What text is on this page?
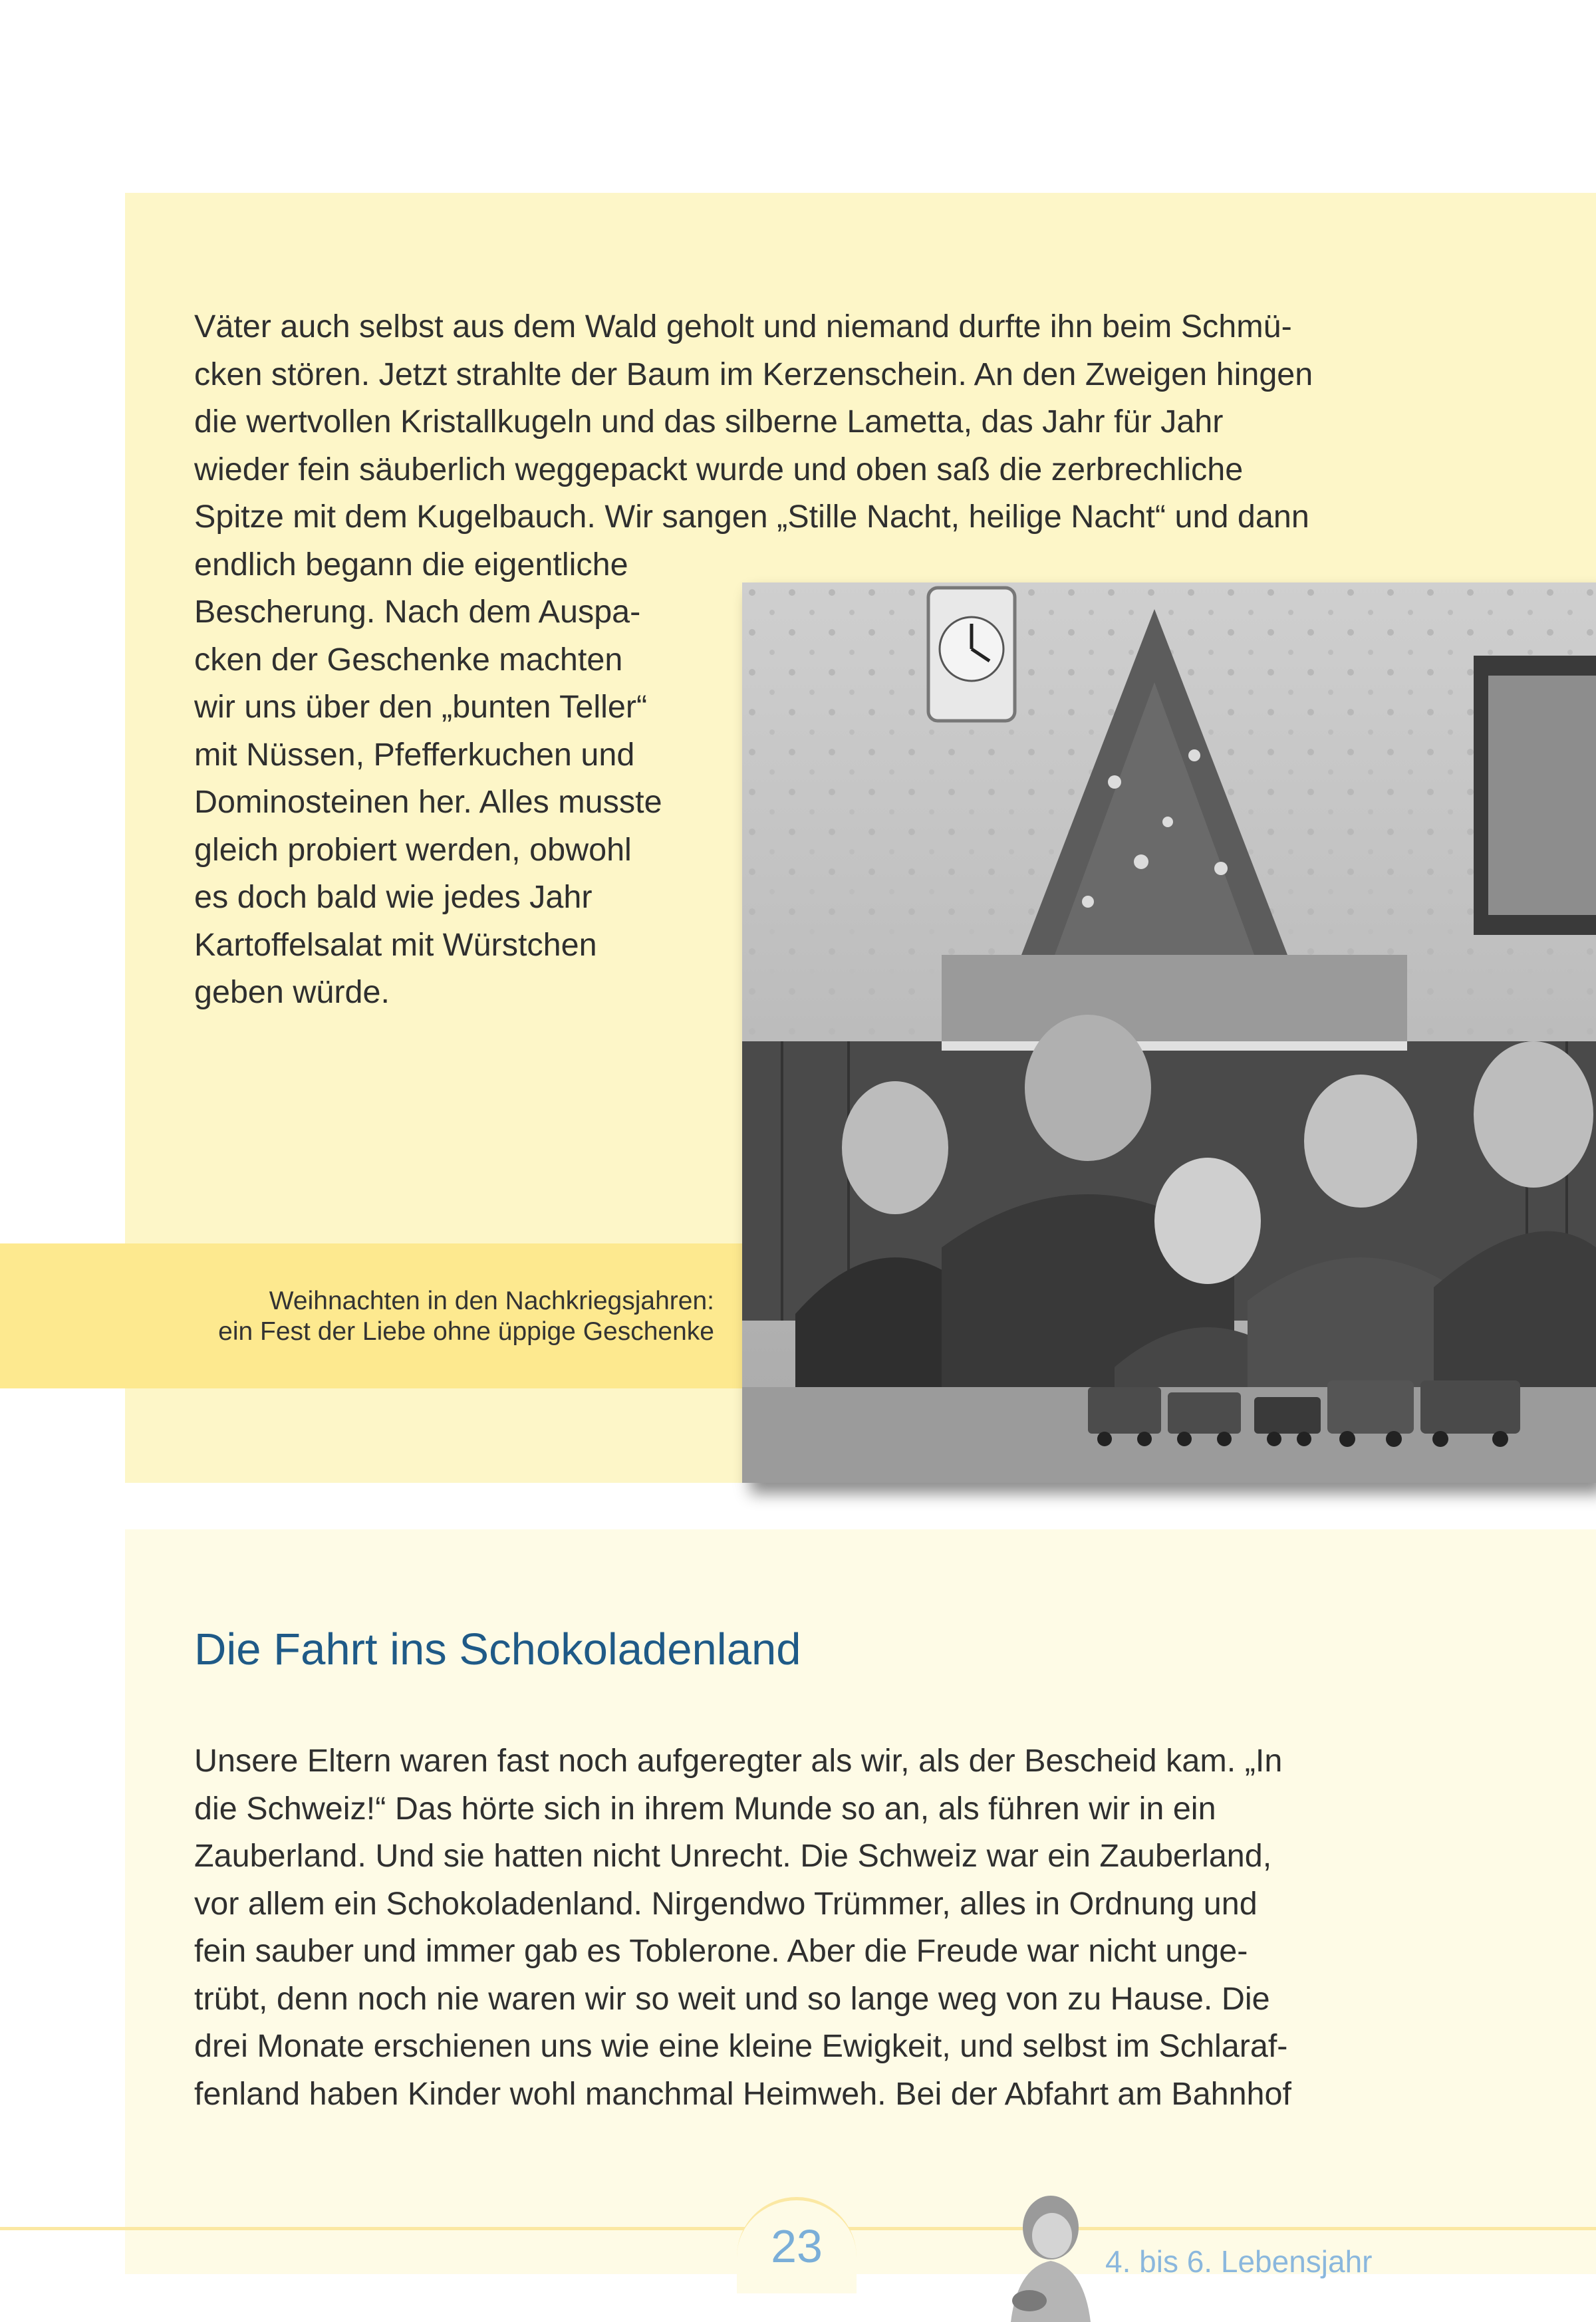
Väter auch selbst aus dem Wald geholt und niemand durfte ihn beim Schmü-
cken stören. Jetzt strahlte der Baum im Kerzenschein. An den Zweigen hingen
die wertvollen Kristallkugeln und das silberne Lametta, das Jahr für Jahr
wieder fein säuberlich weggepackt wurde und oben saß die zerbrechliche
Spitze mit dem Kugelbauch. Wir sangen „Stille Nacht, heilige Nacht“ und dann
endlich begann die eigentliche
Bescherung. Nach dem Auspa-
cken der Geschenke machten
wir uns über den „bunten Teller“
mit Nüssen, Pfefferkuchen und
Dominosteinen her. Alles musste
gleich probiert werden, obwohl
es doch bald wie jedes Jahr
Kartoffelsalat mit Würstchen
geben würde.
Weihnachten in den Nachkriegsjahren:
ein Fest der Liebe ohne üppige Geschenke
Die Fahrt ins Schokoladenland
Unsere Eltern waren fast noch aufgeregter als wir, als der Bescheid kam. „In
die Schweiz!“ Das hörte sich in ihrem Munde so an, als führen wir in ein
Zauberland. Und sie hatten nicht Unrecht. Die Schweiz war ein Zauberland,
vor allem ein Schokoladenland. Nirgendwo Trümmer, alles in Ordnung und
fein sauber und immer gab es Toblerone. Aber die Freude war nicht unge-
trübt, denn noch nie waren wir so weit und so lange weg von zu Hause. Die
drei Monate erschienen uns wie eine kleine Ewigkeit, und selbst im Schlaraf-
fenland haben Kinder wohl manchmal Heimweh. Bei der Abfahrt am Bahnhof
23	4. bis 6. Lebensjahr
